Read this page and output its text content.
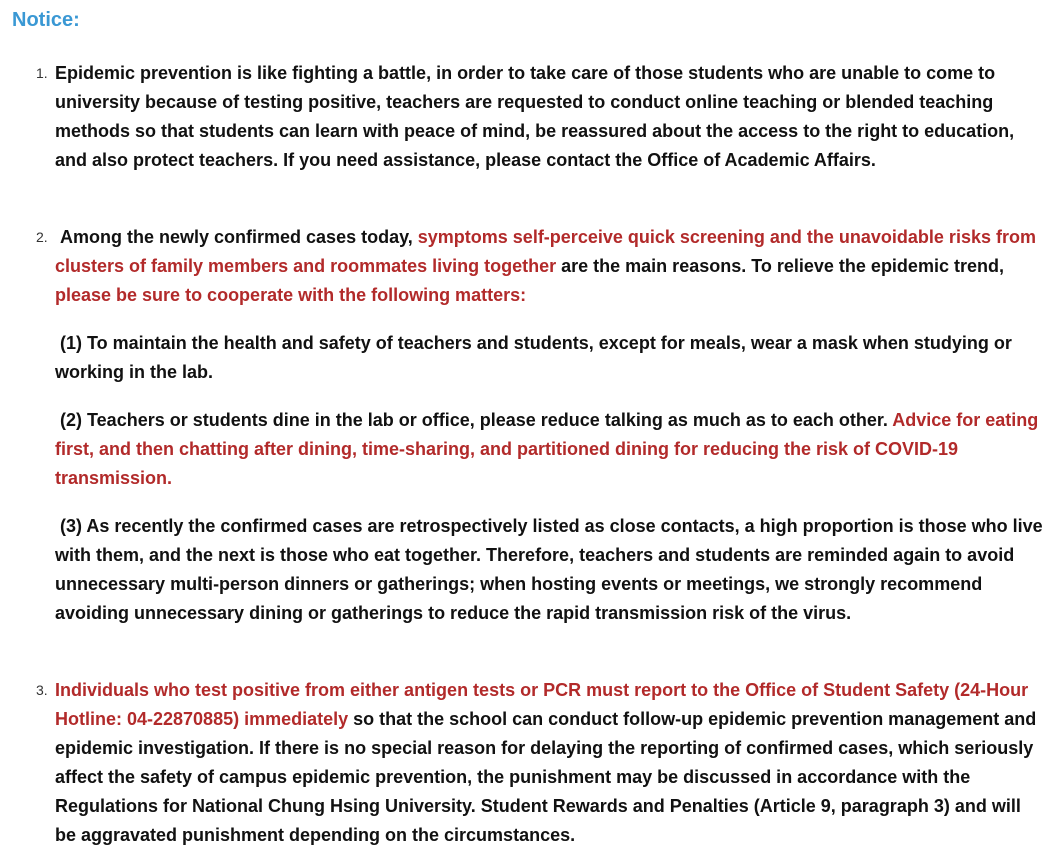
Notice:
1. Epidemic prevention is like fighting a battle, in order to take care of those students who are unable to come to university because of testing positive, teachers are requested to conduct online teaching or blended teaching methods so that students can learn with peace of mind, be reassured about the access to the right to education, and also protect teachers. If you need assistance, please contact the Office of Academic Affairs.
2. Among the newly confirmed cases today, symptoms self-perceive quick screening and the unavoidable risks from clusters of family members and roommates living together are the main reasons. To relieve the epidemic trend, please be sure to cooperate with the following matters:
(1) To maintain the health and safety of teachers and students, except for meals, wear a mask when studying or working in the lab.
(2) Teachers or students dine in the lab or office, please reduce talking as much as to each other. Advice for eating first, and then chatting after dining, time-sharing, and partitioned dining for reducing the risk of COVID-19 transmission.
(3) As recently the confirmed cases are retrospectively listed as close contacts, a high proportion is those who live with them, and the next is those who eat together. Therefore, teachers and students are reminded again to avoid unnecessary multi-person dinners or gatherings; when hosting events or meetings, we strongly recommend avoiding unnecessary dining or gatherings to reduce the rapid transmission risk of the virus.
3. Individuals who test positive from either antigen tests or PCR must report to the Office of Student Safety (24-Hour Hotline: 04-22870885) immediately so that the school can conduct follow-up epidemic prevention management and epidemic investigation. If there is no special reason for delaying the reporting of confirmed cases, which seriously affect the safety of campus epidemic prevention, the punishment may be discussed in accordance with the Regulations for National Chung Hsing University. Student Rewards and Penalties (Article 9, paragraph 3) and will be aggravated punishment depending on the circumstances.
